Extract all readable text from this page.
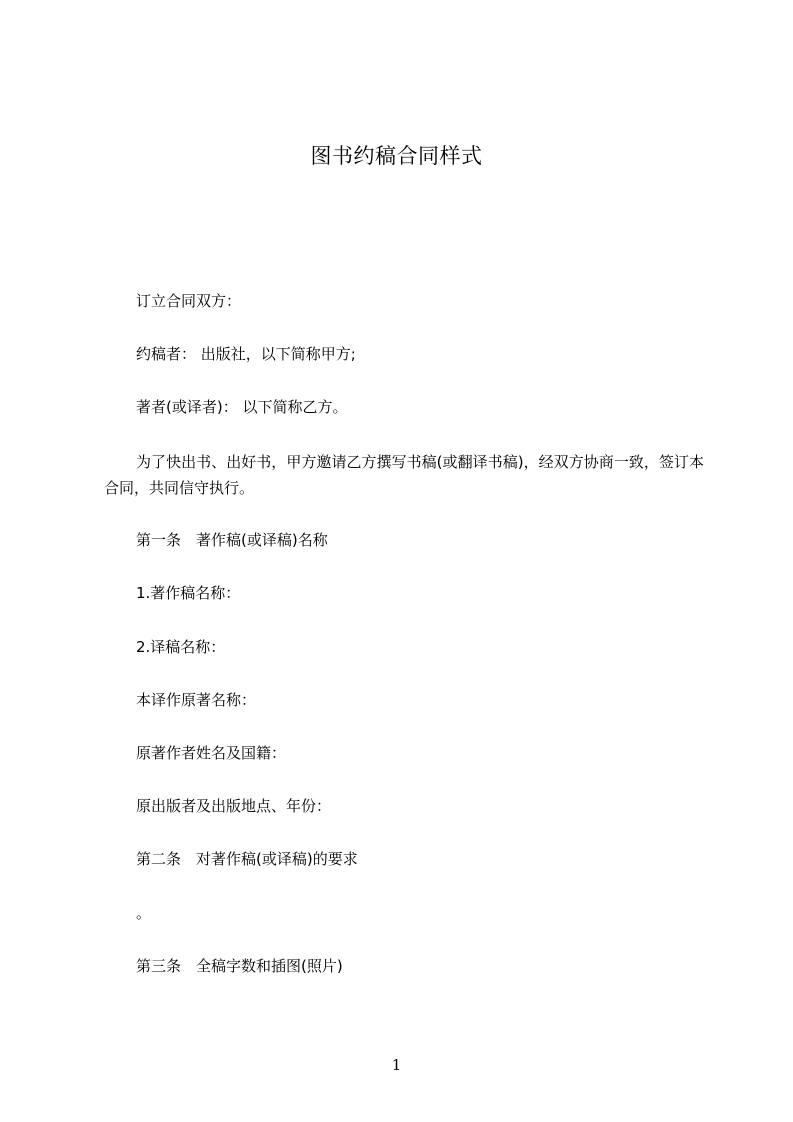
图书约稿合同样式
订立合同双方：
约稿者： 出版社，以下简称甲方;
著者(或译者)： 以下简称乙方。
为了快出书、出好书，甲方邀请乙方撰写书稿(或翻译书稿)，经双方协商一致，签订本合同，共同信守执行。
第一条　著作稿(或译稿)名称
1.著作稿名称：
2.译稿名称：
本译作原著名称：
原著作者姓名及国籍：
原出版者及出版地点、年份：
第二条　对著作稿(或译稿)的要求
。
第三条　全稿字数和插图(照片)
1
